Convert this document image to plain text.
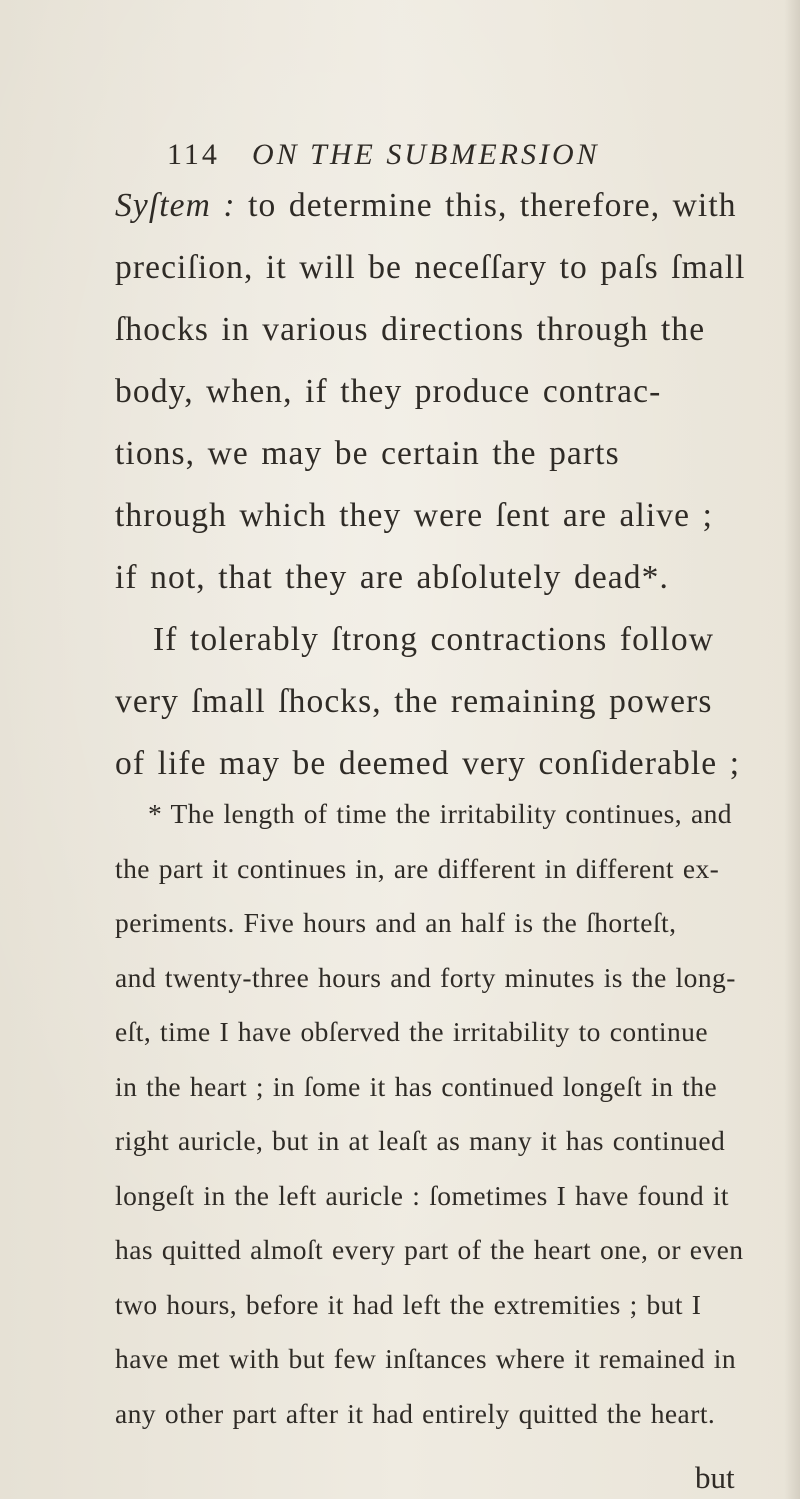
114 ON THE SUBMERSION
Syſtem : to determine this, therefore, with
preciſion, it will be neceſſary to paſs ſmall
ſhocks in various directions through the
body, when, if they produce contrac-
tions, we may be certain the parts
through which they were ſent are alive ;
if not, that they are abſolutely dead*.
If tolerably ſtrong contractions follow
very ſmall ſhocks, the remaining powers
of life may be deemed very conſiderable ;
* The length of time the irritability continues, and
the part it continues in, are different in different ex-
periments. Five hours and an half is the ſhorteſt,
and twenty-three hours and forty minutes is the long-
eſt, time I have obſerved the irritability to continue
in the heart ; in ſome it has continued longeſt in the
right auricle, but in at leaſt as many it has continued
longeſt in the left auricle : ſometimes I have found it
has quitted almoſt every part of the heart one, or even
two hours, before it had left the extremities ; but I
have met with but few inſtances where it remained in
any other part after it had entirely quitted the heart.
but
